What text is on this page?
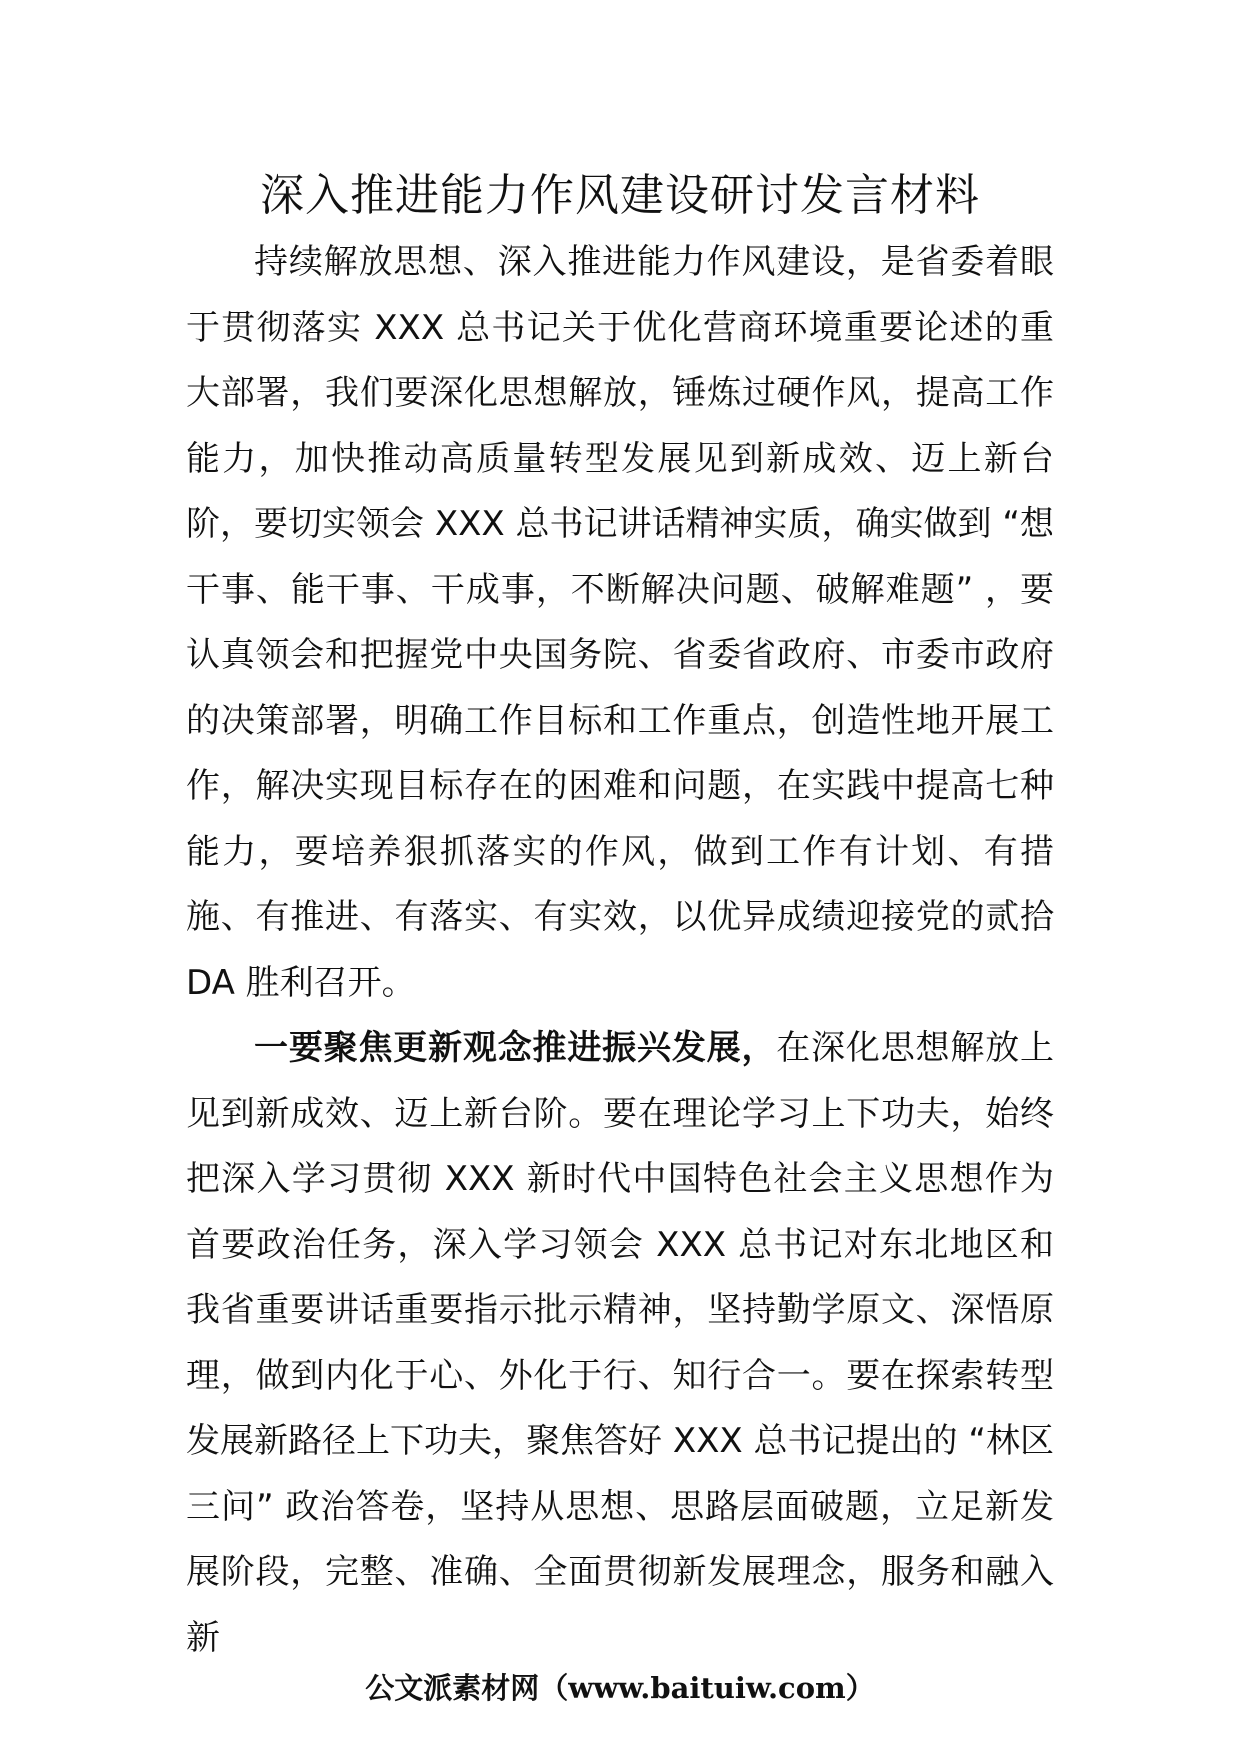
深入推进能力作风建设研讨发言材料

持续解放思想、深入推进能力作风建设，是省委着眼于贯彻落实 XXX 总书记关于优化营商环境重要论述的重大部署，我们要深化思想解放，锤炼过硬作风，提高工作能力，加快推动高质量转型发展见到新成效、迈上新台阶，要切实领会 XXX 总书记讲话精神实质，确实做到 “想干事、能干事、干成事，不断解决问题、破解难题” ，要认真领会和把握党中央国务院、省委省政府、市委市政府的决策部署，明确工作目标和工作重点，创造性地开展工作，解决实现目标存在的困难和问题，在实践中提高七种能力，要培养狠抓落实的作风，做到工作有计划、有措施、有推进、有落实、有实效，以优异成绩迎接党的贰拾DA 胜利召开。

一要聚焦更新观念推进振兴发展，在深化思想解放上见到新成效、迈上新台阶。要在理论学习上下功夫，始终把深入学习贯彻 XXX 新时代中国特色社会主义思想作为首要政治任务，深入学习领会 XXX 总书记对东北地区和我省重要讲话重要指示批示精神，坚持勤学原文、深悟原理，做到内化于心、外化于行、知行合一。要在探索转型发展新路径上下功夫，聚焦答好 XXX 总书记提出的 “林区三问” 政治答卷，坚持从思想、思路层面破题，立足新发展阶段，完整、准确、全面贯彻新发展理念，服务和融入新

公文派素材网（www.baituiw.com）
